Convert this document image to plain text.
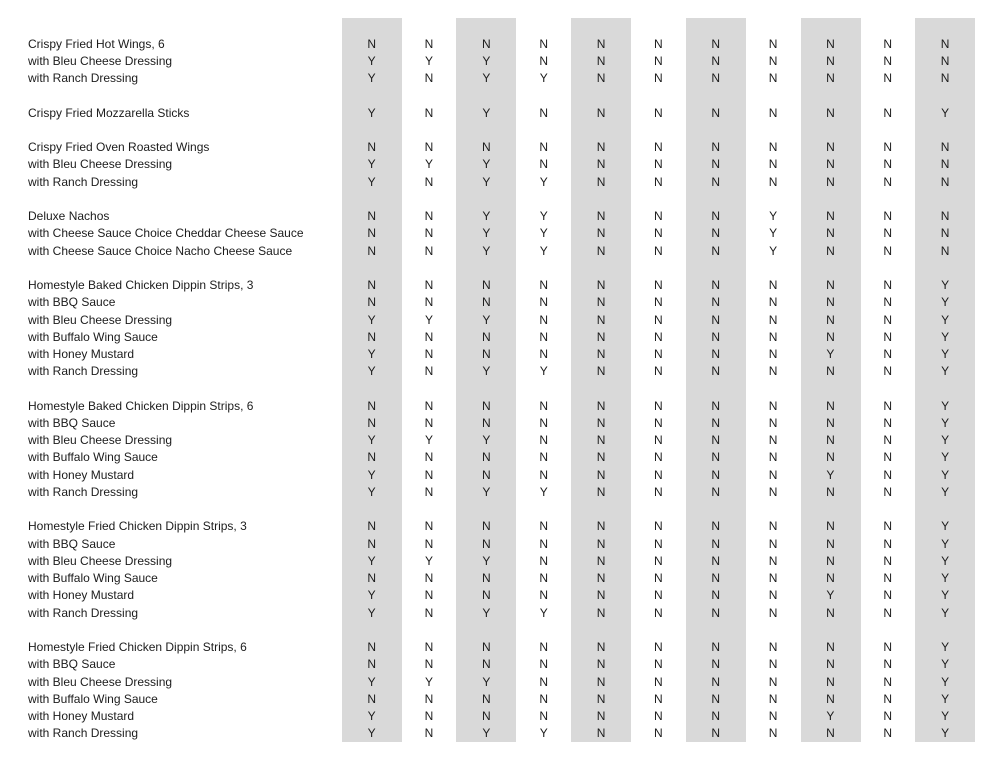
Crispy Fried Hot Wings, 6	N	N	N	N	N	N	N	N	N	N	N
with Bleu Cheese Dressing	Y	Y	Y	N	N	N	N	N	N	N	N
with Ranch Dressing	Y	N	Y	Y	N	N	N	N	N	N	N
Crispy Fried Mozzarella Sticks	Y	N	Y	N	N	N	N	N	N	N	Y
Crispy Fried Oven Roasted Wings	N	N	N	N	N	N	N	N	N	N	N
with Bleu Cheese Dressing	Y	Y	Y	N	N	N	N	N	N	N	N
with Ranch Dressing	Y	N	Y	Y	N	N	N	N	N	N	N
Deluxe Nachos	N	N	Y	Y	N	N	N	Y	N	N	N
with Cheese Sauce Choice Cheddar Cheese Sauce	N	N	Y	Y	N	N	N	Y	N	N	N
with Cheese Sauce Choice Nacho Cheese Sauce	N	N	Y	Y	N	N	N	Y	N	N	N
Homestyle Baked Chicken Dippin Strips, 3	N	N	N	N	N	N	N	N	N	N	Y
with BBQ Sauce	N	N	N	N	N	N	N	N	N	N	Y
with Bleu Cheese Dressing	Y	Y	Y	N	N	N	N	N	N	N	Y
with Buffalo Wing Sauce	N	N	N	N	N	N	N	N	N	N	Y
with Honey Mustard	Y	N	N	N	N	N	N	N	Y	N	Y
with Ranch Dressing	Y	N	Y	Y	N	N	N	N	N	N	Y
Homestyle Baked Chicken Dippin Strips, 6	N	N	N	N	N	N	N	N	N	N	Y
with BBQ Sauce	N	N	N	N	N	N	N	N	N	N	Y
with Bleu Cheese Dressing	Y	Y	Y	N	N	N	N	N	N	N	Y
with Buffalo Wing Sauce	N	N	N	N	N	N	N	N	N	N	Y
with Honey Mustard	Y	N	N	N	N	N	N	N	Y	N	Y
with Ranch Dressing	Y	N	Y	Y	N	N	N	N	N	N	Y
Homestyle Fried Chicken Dippin Strips, 3	N	N	N	N	N	N	N	N	N	N	Y
with BBQ Sauce	N	N	N	N	N	N	N	N	N	N	Y
with Bleu Cheese Dressing	Y	Y	Y	N	N	N	N	N	N	N	Y
with Buffalo Wing Sauce	N	N	N	N	N	N	N	N	N	N	Y
with Honey Mustard	Y	N	N	N	N	N	N	N	Y	N	Y
with Ranch Dressing	Y	N	Y	Y	N	N	N	N	N	N	Y
Homestyle Fried Chicken Dippin Strips, 6	N	N	N	N	N	N	N	N	N	N	Y
with BBQ Sauce	N	N	N	N	N	N	N	N	N	N	Y
with Bleu Cheese Dressing	Y	Y	Y	N	N	N	N	N	N	N	Y
with Buffalo Wing Sauce	N	N	N	N	N	N	N	N	N	N	Y
with Honey Mustard	Y	N	N	N	N	N	N	N	Y	N	Y
with Ranch Dressing	Y	N	Y	Y	N	N	N	N	N	N	Y
